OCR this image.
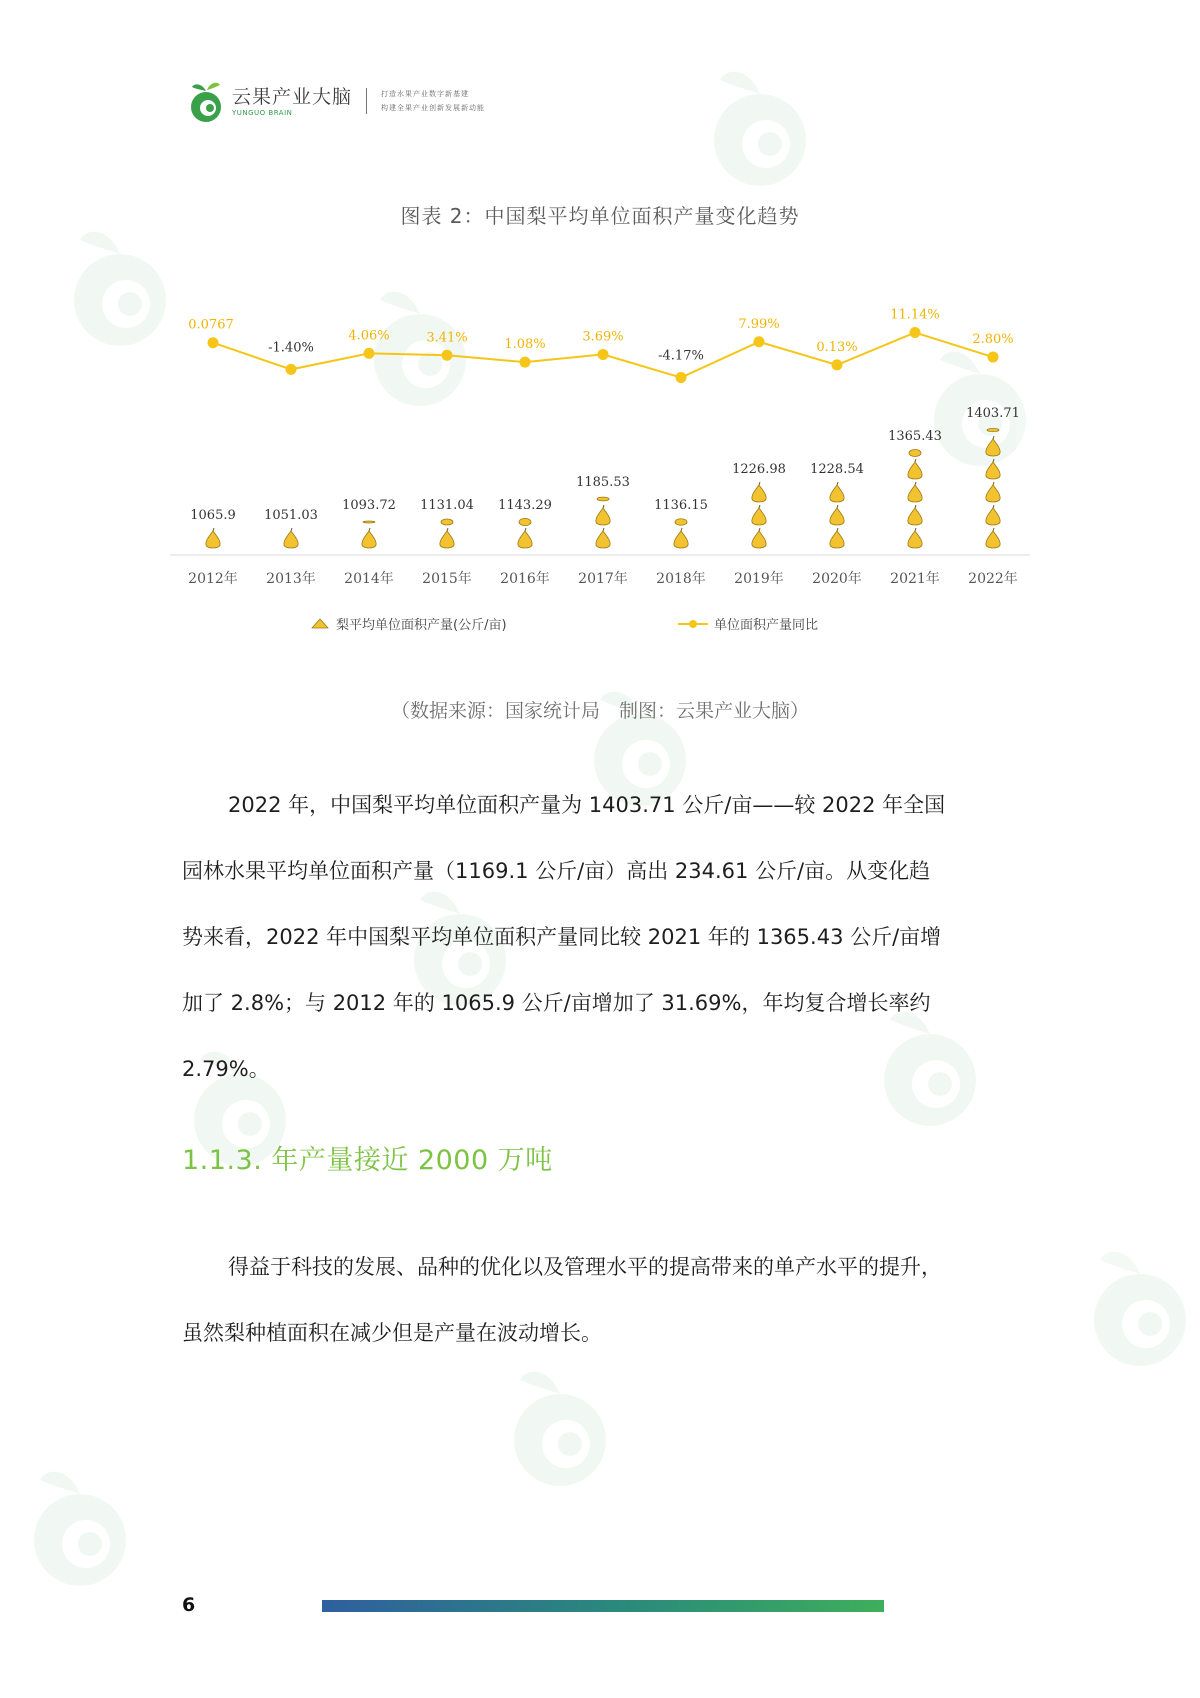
云果产业大脑
YUNGUO BRAIN
打造水果产业数字新基建
构建全果产业创新发展新动能
图表 2：中国梨平均单位面积产量变化趋势
1065.9 1051.03
1093.72 1131.04 1143.29
1185.53
1136.15
1226.98 1228.54
1365.43
1403.71
0.0767
-1.40%
4.06%	3.41%	1.08%
3.69%
-4.17%
7.99%
0.13%
11.14%
2.80%
2012年 2013年 2014年 2015年 2016年 2017年 2018年 2019年 2020年 2021年 2022年
梨平均单位面积产量(公斤/亩)	单位面积产量同比
（数据来源：国家统计局　制图：云果产业大脑）
2022 年，中国梨平均单位面积产量为 1403.71 公斤/亩——较 2022 年全国
园林水果平均单位面积产量（1169.1 公斤/亩）高出 234.61 公斤/亩。从变化趋
势来看，2022 年中国梨平均单位面积产量同比较 2021 年的 1365.43 公斤/亩增
加了 2.8%；与 2012 年的 1065.9 公斤/亩增加了 31.69%，年均复合增长率约
2.79%。
1.1.3. 年产量接近 2000 万吨
得益于科技的发展、品种的优化以及管理水平的提高带来的单产水平的提升，
虽然梨种植面积在减少但是产量在波动增长。
6
